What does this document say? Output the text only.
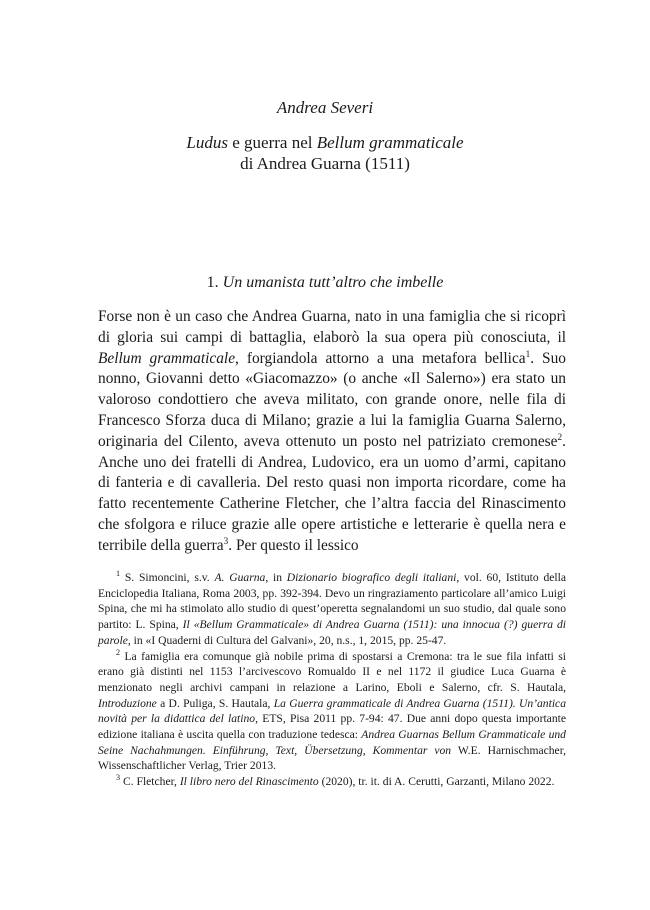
Andrea Severi
Ludus e guerra nel Bellum grammaticale
di Andrea Guarna (1511)
1. Un umanista tutt’altro che imbelle

Forse non è un caso che Andrea Guarna, nato in una famiglia che si ricoprì di gloria sui campi di battaglia, elaborò la sua opera più conosciuta, il Bellum grammaticale, forgiandola attorno a una metafora bellica$^1$. Suo nonno, Giovanni detto «Giacomazzo» (o anche «Il Salerno») era stato un valoroso condottiero che aveva militato, con grande onore, nelle fila di Francesco Sforza duca di Milano; grazie a lui la famiglia Guarna Salerno, originaria del Cilento, aveva ottenuto un posto nel patriziato cremonese$^2$. Anche uno dei fratelli di Andrea, Ludovico, era un uomo d’armi, capitano di fanteria e di cavalleria. Del resto quasi non importa ricordare, come ha fatto recentemente Catherine Fletcher, che l’altra faccia del Rinascimento che sfolgora e riluce grazie alle opere artistiche e letterarie è quella nera e terribile della guerra$^3$. Per questo il lessico

$^1$ S. Simoncini, s.v. A. Guarna, in Dizionario biografico degli italiani, vol. 60, Istituto della Enciclopedia Italiana, Roma 2003, pp. 392-394. Devo un ringraziamento particolare all’amico Luigi Spina, che mi ha stimolato allo studio di quest’operetta segnalandomi un suo studio, dal quale sono partito: L. Spina, Il «Bellum Grammaticale» di Andrea Guarna (1511): una innocua (?) guerra di parole, in «I Quaderni di Cultura del Galvani», 20, n.s., 1, 2015, pp. 25-47.

$^2$ La famiglia era comunque già nobile prima di spostarsi a Cremona: tra le sue fila infatti si erano già distinti nel 1153 l’arcivescovo Romualdo II e nel 1172 il giudice Luca Guarna è menzionato negli archivi campani in relazione a Larino, Eboli e Salerno, cfr. S. Hautala, Introduzione a D. Puliga, S. Hautala, La Guerra grammaticale di Andrea Guarna (1511). Un’antica novità per la didattica del latino, ETS, Pisa 2011 pp. 7-94: 47. Due anni dopo questa importante edizione italiana è uscita quella con traduzione tedesca: Andrea Guarnas Bellum Grammaticale und Seine Nachahmungen. Einführung, Text, Übersetzung, Kommentar von W.E. Harnischmacher, Wissenschaftlicher Verlag, Trier 2013.

$^3$ C. Fletcher, Il libro nero del Rinascimento (2020), tr. it. di A. Cerutti, Garzanti, Milano 2022.
